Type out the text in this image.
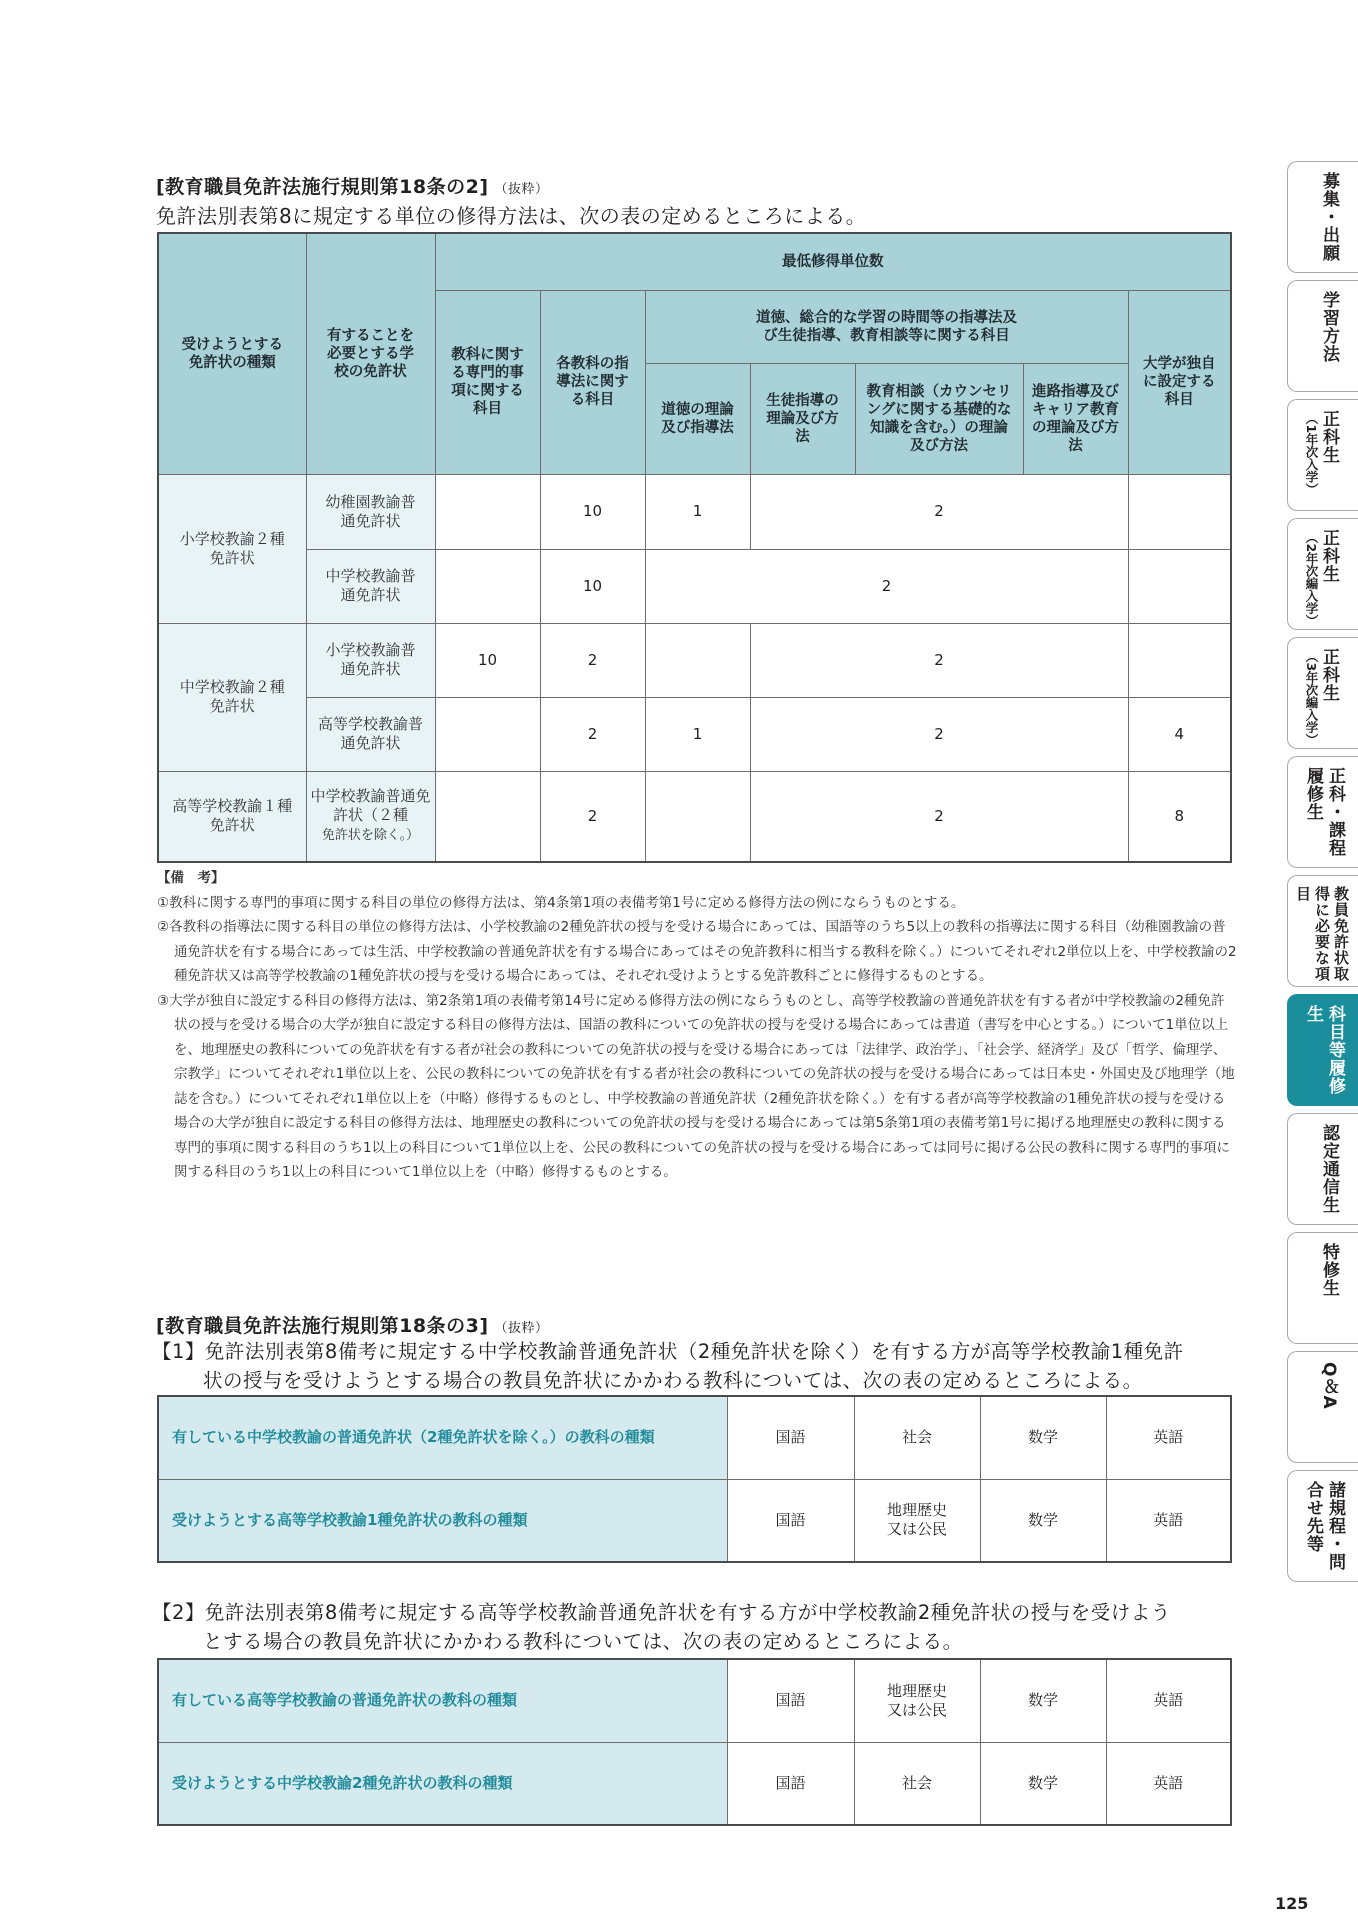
[教育職員免許法施行規則第18条の2] （抜粋）
免許法別表第8に規定する単位の修得方法は、次の表の定めるところによる。
受けようとする免許状の種類	有することを必要とする学校の免許状	最低修得単位数						
		教科に関する専門的事項に関する科目	各教科の指導法に関する科目	道徳、総合的な学習の時間等の指導法及び生徒指導、教育相談等に関する科目				大学が独自に設定する科目
				道徳の理論及び指導法	生徒指導の理論及び方法	教育相談（カウンセリングに関する基礎的な知識を含む。）の理論及び方法	進路指導及びキャリア教育の理論及び方法	
小学校教諭２種免許状	幼稚園教諭普通免許状		10	1	2			
	中学校教諭普通免許状		10	2				
中学校教諭２種免許状	小学校教諭普通免許状	10	2		2			
	高等学校教諭普通免許状		2	1	2			4
高等学校教諭１種免許状	中学校教諭普通免許状（２種
免許状を除く。）		2		2			8
【備　考】
①教科に関する専門的事項に関する科目の単位の修得方法は、第4条第1項の表備考第1号に定める修得方法の例にならうものとする。
②各教科の指導法に関する科目の単位の修得方法は、小学校教諭の2種免許状の授与を受ける場合にあっては、国語等のうち5以上の教科の指導法に関する科目（幼稚園教諭の普通免許状を有する場合にあっては生活、中学校教諭の普通免許状を有する場合にあってはその免許教科に相当する教科を除く。）についてそれぞれ2単位以上を、中学校教諭の2種免許状又は高等学校教諭の1種免許状の授与を受ける場合にあっては、それぞれ受けようとする免許教科ごとに修得するものとする。
③大学が独自に設定する科目の修得方法は、第2条第1項の表備考第14号に定める修得方法の例にならうものとし、高等学校教諭の普通免許状を有する者が中学校教諭の2種免許状の授与を受ける場合の大学が独自に設定する科目の修得方法は、国語の教科についての免許状の授与を受ける場合にあっては書道（書写を中心とする。）について1単位以上を、地理歴史の教科についての免許状を有する者が社会の教科についての免許状の授与を受ける場合にあっては「法律学、政治学」、「社会学、経済学」及び「哲学、倫理学、宗教学」についてそれぞれ1単位以上を、公民の教科についての免許状を有する者が社会の教科についての免許状の授与を受ける場合にあっては日本史・外国史及び地理学（地誌を含む。）についてそれぞれ1単位以上を（中略）修得するものとし、中学校教諭の普通免許状（2種免許状を除く。）を有する者が高等学校教諭の1種免許状の授与を受ける場合の大学が独自に設定する科目の修得方法は、地理歴史の教科についての免許状の授与を受ける場合にあっては第5条第1項の表備考第1号に掲げる地理歴史の教科に関する専門的事項に関する科目のうち1以上の科目について1単位以上を、公民の教科についての免許状の授与を受ける場合にあっては同号に掲げる公民の教科に関する専門的事項に関する科目のうち1以上の科目について1単位以上を（中略）修得するものとする。
[教育職員免許法施行規則第18条の3] （抜粋）
【1】免許法別表第8備考に規定する中学校教諭普通免許状（2種免許状を除く）を有する方が高等学校教諭1種免許
状の授与を受けようとする場合の教員免許状にかかわる教科については、次の表の定めるところによる。
有している中学校教諭の普通免許状（2種免許状を除く。）の教科の種類	国語	社会	数学	英語
受けようとする高等学校教諭1種免許状の教科の種類	国語	地理歴史
又は公民	数学	英語
【2】免許法別表第8備考に規定する高等学校教諭普通免許状を有する方が中学校教諭2種免許状の授与を受けよう
とする場合の教員免許状にかかわる教科については、次の表の定めるところによる。
有している高等学校教諭の普通免許状の教科の種類	国語	地理歴史
又は公民	数学	英語
受けようとする中学校教諭2種免許状の教科の種類	国語	社会	数学	英語
募集・出願
学習方法
正科生
（1年次入学）
正科生
（2年次編入学）
正科生
（3年次編入学）
正科・課程履修生
教員免許状取得に必要な項目
科目等履修生
認定通信生
特修生
Q＆A
諸規程・問合せ先等
125
